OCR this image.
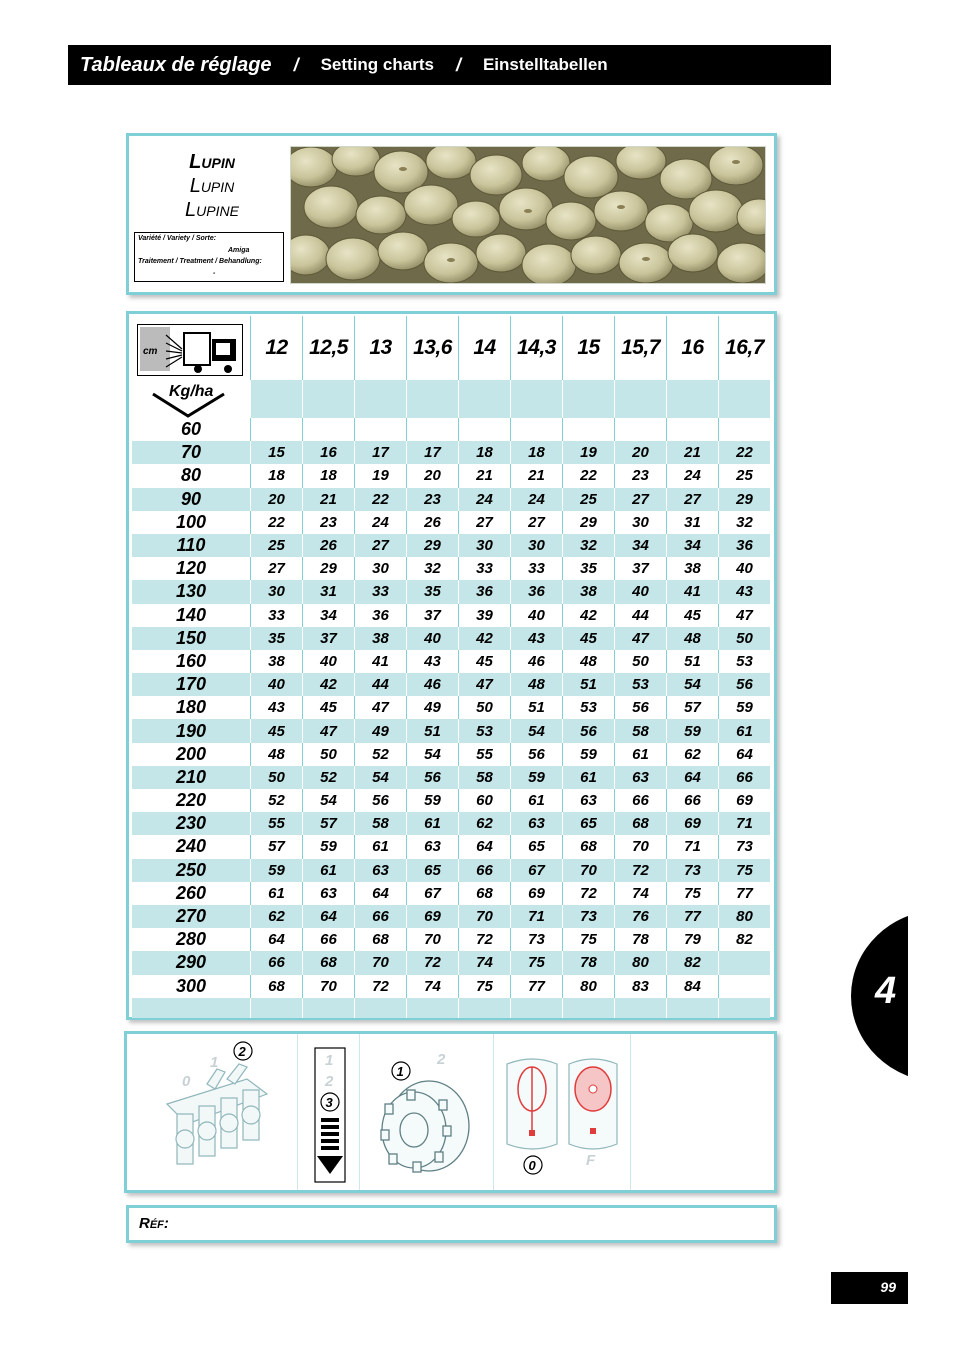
Tableaux de réglage / Setting charts / Einstelltabellen
Lupin
Lupin
Lupine
Variété / Variety / Sorte:
Amiga
Traitement / Treatment / Behandlung:
-
	12	12,5	13	13,6	14	14,3	15	15,7	16	16,7

60										
70	15	16	17	17	18	18	19	20	21	22
80	18	18	19	20	21	21	22	23	24	25
90	20	21	22	23	24	24	25	27	27	29
100	22	23	24	26	27	27	29	30	31	32
110	25	26	27	29	30	30	32	34	34	36
120	27	29	30	32	33	33	35	37	38	40
130	30	31	33	35	36	36	38	40	41	43
140	33	34	36	37	39	40	42	44	45	47
150	35	37	38	40	42	43	45	47	48	50
160	38	40	41	43	45	46	48	50	51	53
170	40	42	44	46	47	48	51	53	54	56
180	43	45	47	49	50	51	53	56	57	59
190	45	47	49	51	53	54	56	58	59	61
200	48	50	52	54	55	56	59	61	62	64
210	50	52	54	56	58	59	61	63	64	66
220	52	54	56	59	60	61	63	66	66	69
230	55	57	58	61	62	63	65	68	69	71
240	57	59	61	63	64	65	68	70	71	73
250	59	61	63	65	66	67	70	72	73	75
260	61	63	64	67	68	69	72	74	75	77
270	62	64	66	69	70	71	73	76	77	80
280	64	66	68	70	72	73	75	78	79	82
290	66	68	70	72	74	75	78	80	82	
300	68	70	72	74	75	77	80	83	84	

cm
Kg/ha
0
1
2
1
2
3
1
2
0	F
Réf:
4
99
